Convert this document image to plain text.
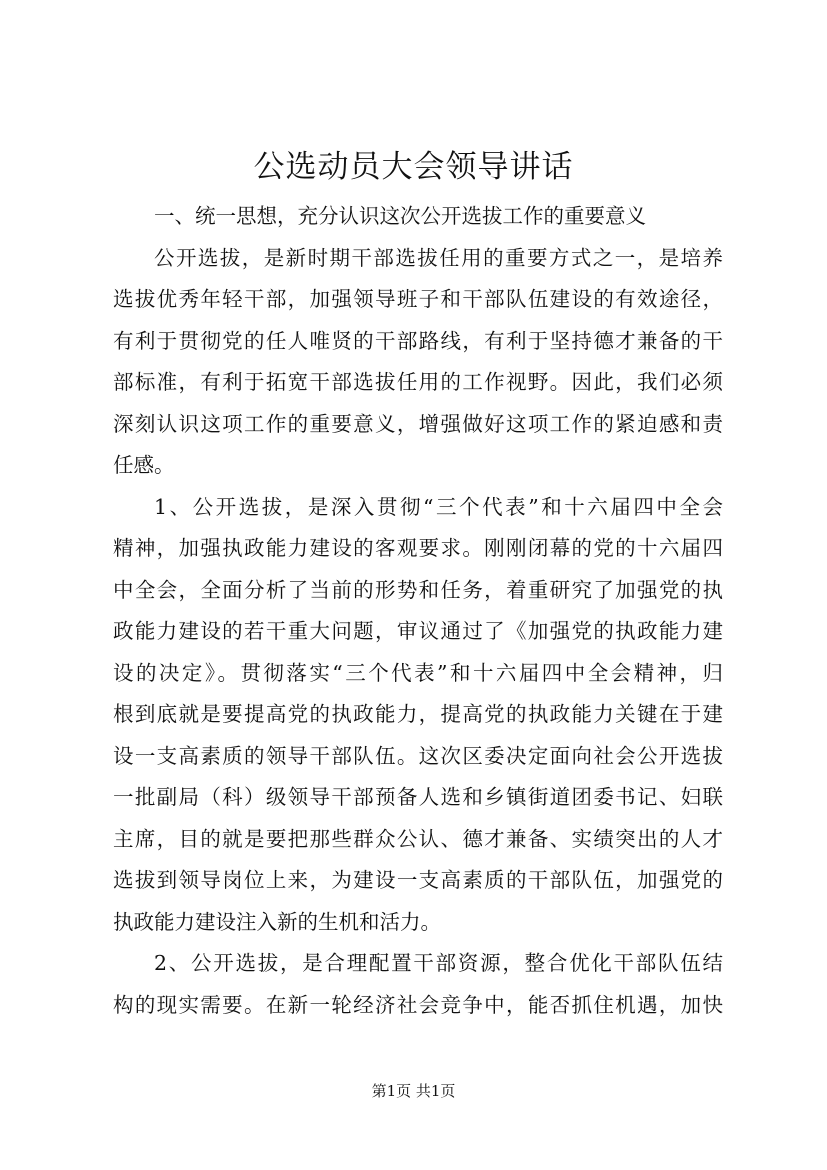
公选动员大会领导讲话
一、统一思想，充分认识这次公开选拔工作的重要意义
公开选拔，是新时期干部选拔任用的重要方式之一，是培养
选拔优秀年轻干部，加强领导班子和干部队伍建设的有效途径，
有利于贯彻党的任人唯贤的干部路线，有利于坚持德才兼备的干
部标准，有利于拓宽干部选拔任用的工作视野。因此，我们必须
深刻认识这项工作的重要意义，增强做好这项工作的紧迫感和责
任感。
1、公开选拔，是深入贯彻“三个代表”和十六届四中全会
精神，加强执政能力建设的客观要求。刚刚闭幕的党的十六届四
中全会，全面分析了当前的形势和任务，着重研究了加强党的执
政能力建设的若干重大问题，审议通过了《加强党的执政能力建
设的决定》。贯彻落实“三个代表”和十六届四中全会精神，归
根到底就是要提高党的执政能力，提高党的执政能力关键在于建
设一支高素质的领导干部队伍。这次区委决定面向社会公开选拔
一批副局（科）级领导干部预备人选和乡镇街道团委书记、妇联
主席，目的就是要把那些群众公认、德才兼备、实绩突出的人才
选拔到领导岗位上来，为建设一支高素质的干部队伍，加强党的
执政能力建设注入新的生机和活力。
2、公开选拔，是合理配置干部资源，整合优化干部队伍结
构的现实需要。在新一轮经济社会竞争中，能否抓住机遇，加快
第1页 共1页
